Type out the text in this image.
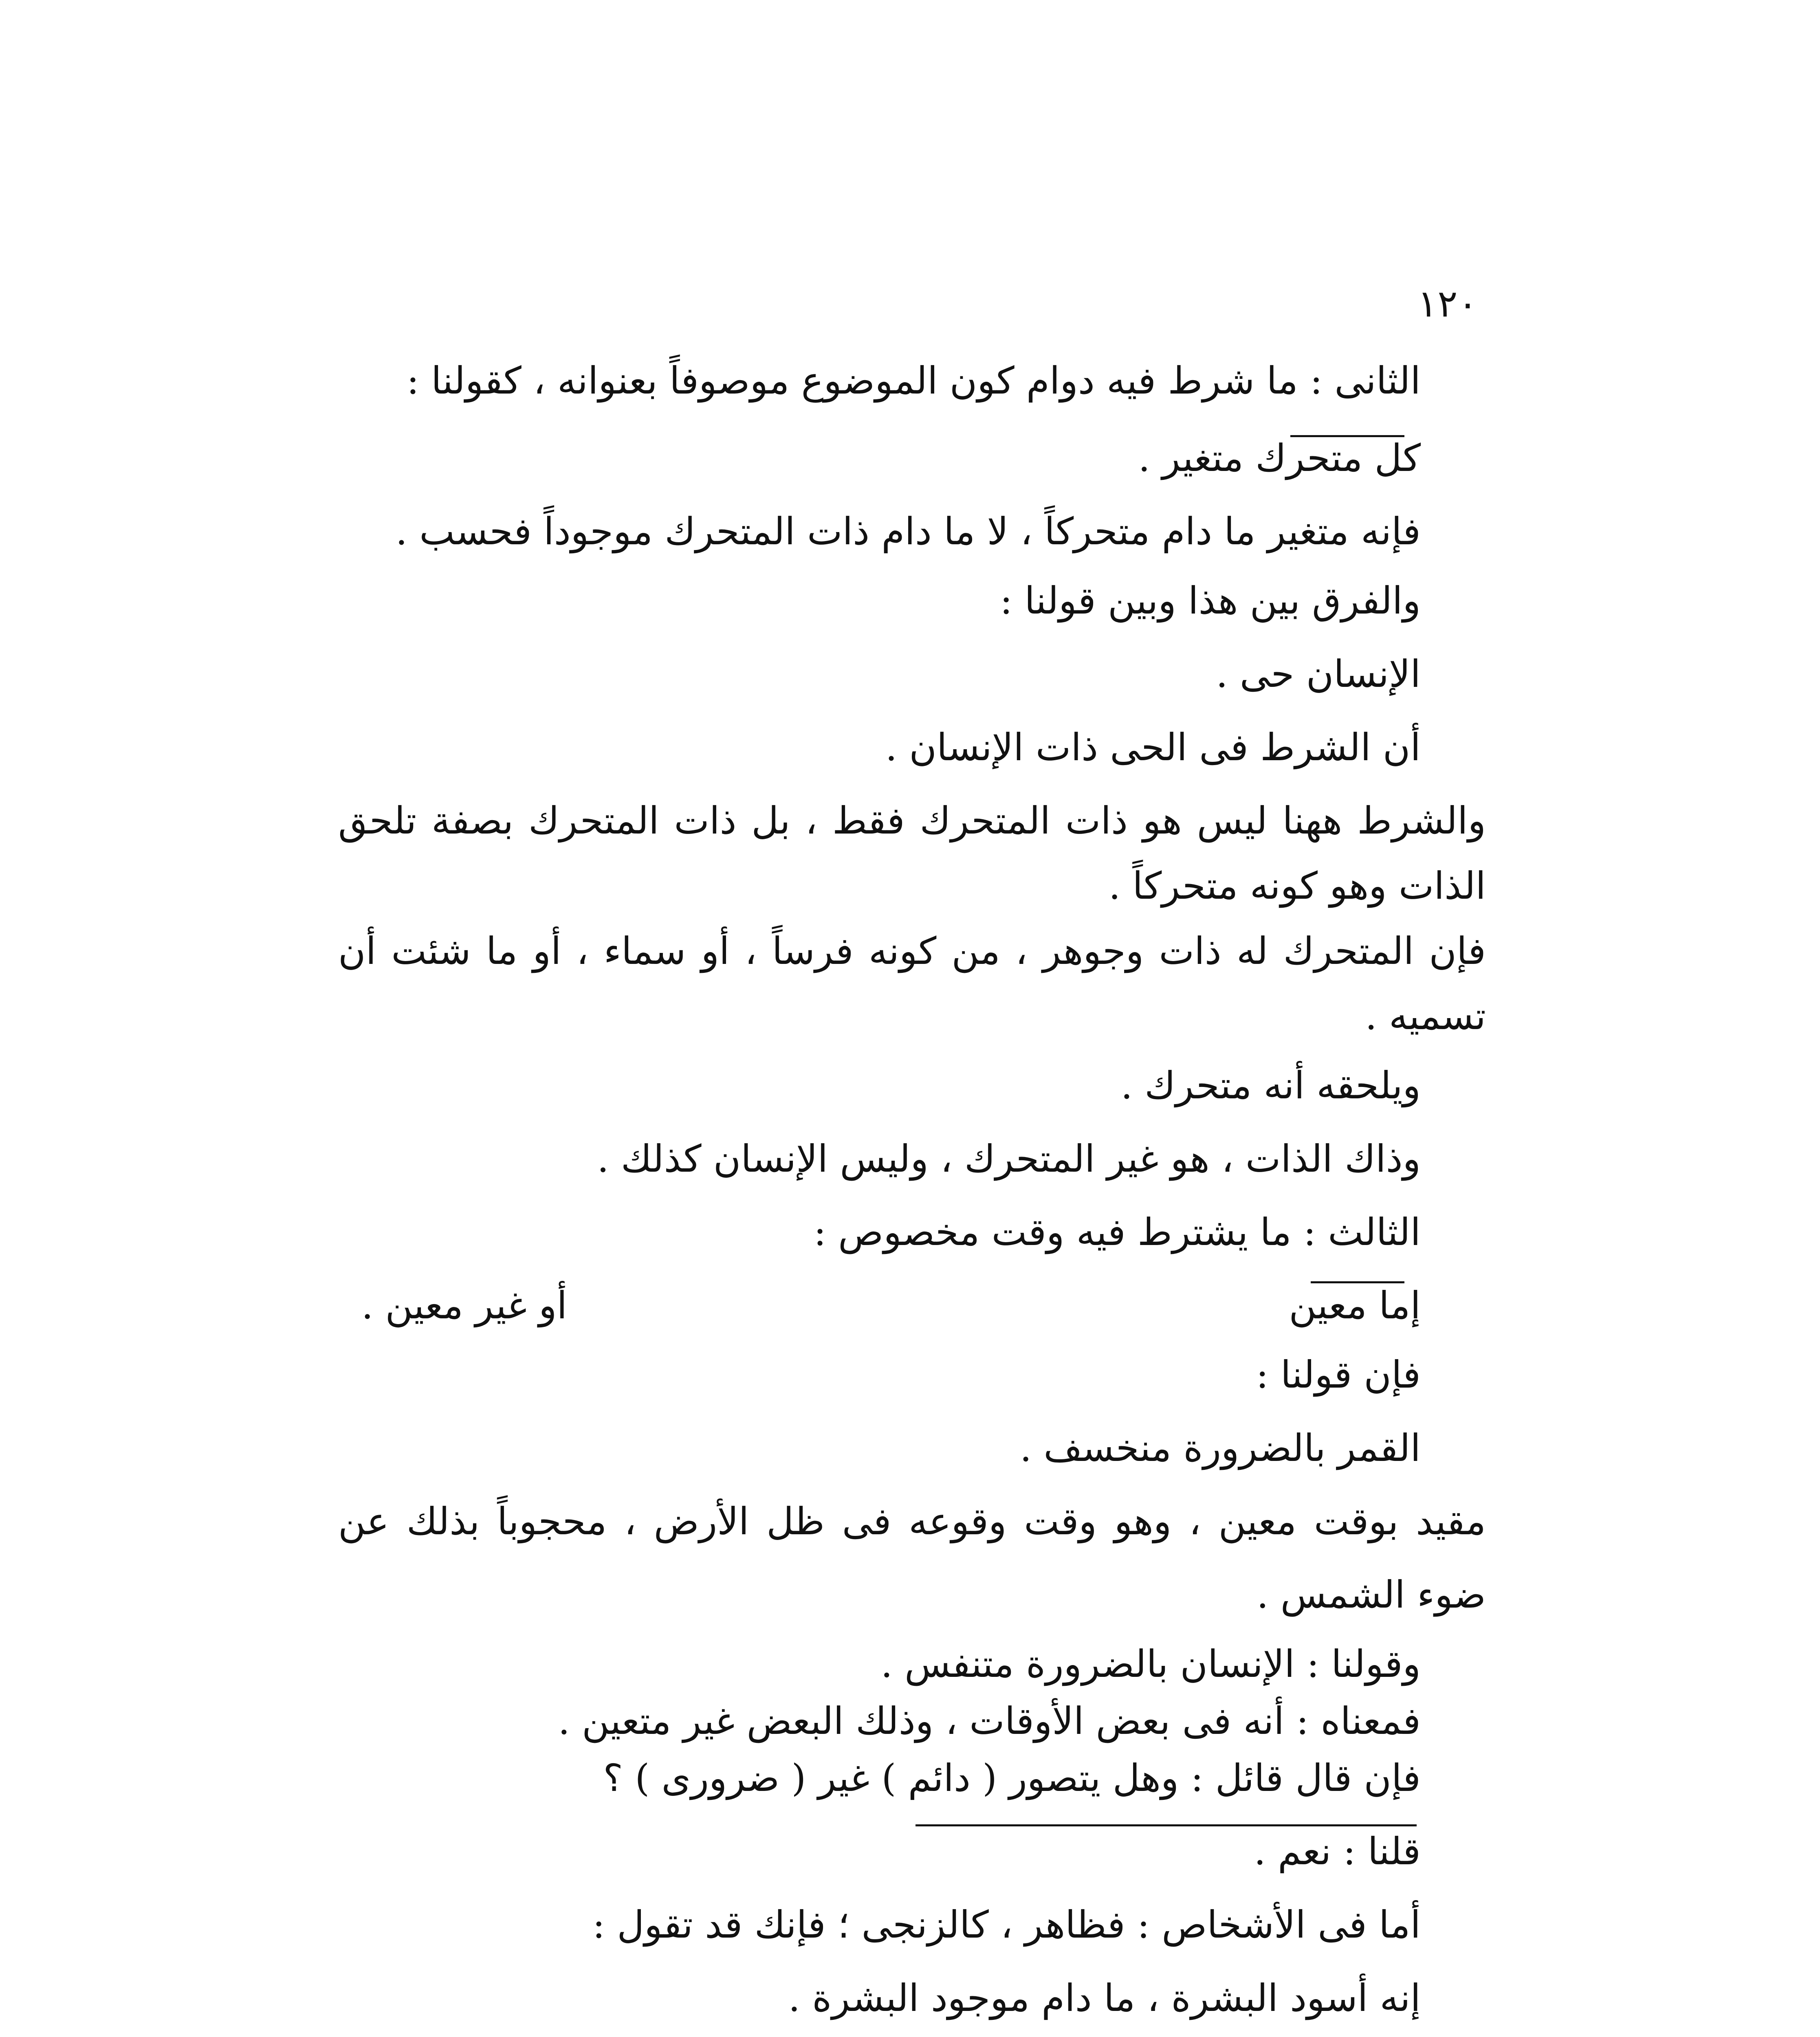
١٢٠
الثانى : ما شرط فيه دوام كون الموضوع موصوفاً بعنوانه ، كقولنا :
كل متحرك متغير .
فإنه متغير ما دام متحركاً ، لا ما دام ذات المتحرك موجوداً فحسب .
والفرق بين هذا وبين قولنا :
الإنسان حى .
أن الشرط فى الحى ذات الإنسان .
والشرط ههنا ليس هو ذات المتحرك فقط ، بل ذات المتحرك بصفة تلحق
الذات وهو كونه متحركاً .
فإن المتحرك له ذات وجوهر ، من كونه فرساً ، أو سماء ، أو ما شئت أن
تسميه .
ويلحقه أنه متحرك .
وذاك الذات ، هو غير المتحرك ، وليس الإنسان كذلك .
الثالث : ما يشترط فيه وقت مخصوص :
إما معين
أو غير معين .
فإن قولنا :
القمر بالضرورة منخسف .
مقيد بوقت معين ، وهو وقت وقوعه فى ظل الأرض ، محجوباً بذلك عن
ضوء الشمس .
وقولنا : الإنسان بالضرورة متنفس .
فمعناه : أنه فى بعض الأوقات ، وذلك البعض غير متعين .
فإن قال قائل : وهل يتصور ( دائم ) غير ( ضرورى ) ؟
قلنا : نعم .
أما فى الأشخاص : فظاهر ، كالزنجى ؛ فإنك قد تقول :
إنه أسود البشرة ، ما دام موجود البشرة .
